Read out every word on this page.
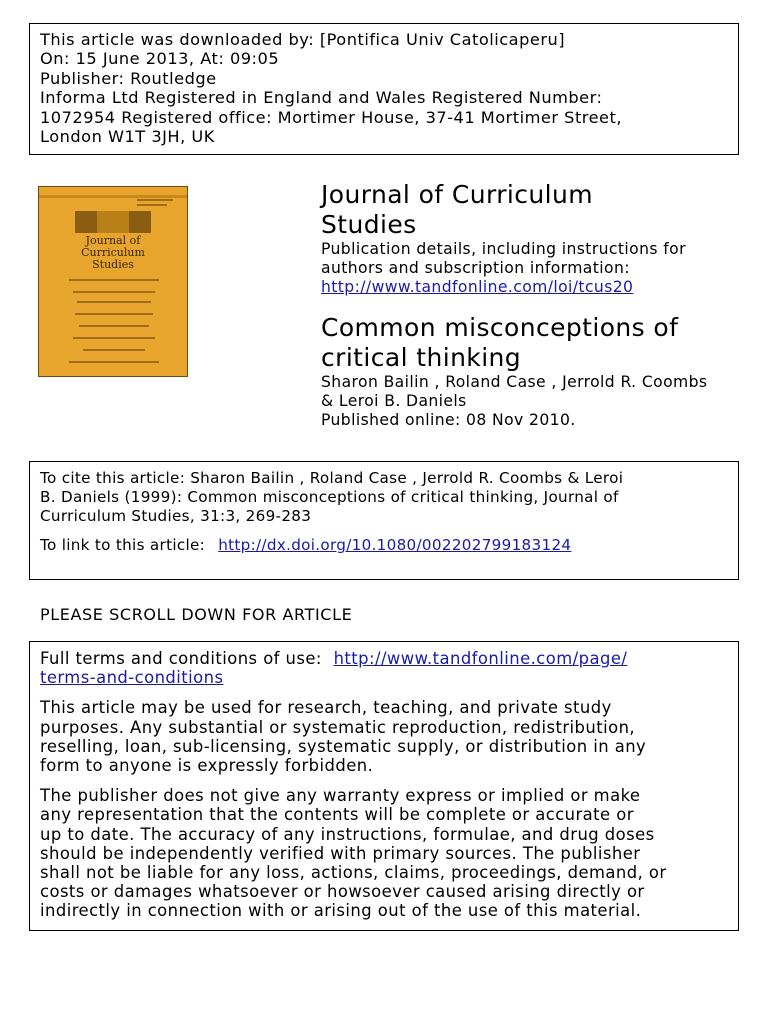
This article was downloaded by: [Pontifica Univ Catolicaperu]
On: 15 June 2013, At: 09:05
Publisher: Routledge
Informa Ltd Registered in England and Wales Registered Number:
1072954 Registered office: Mortimer House, 37-41 Mortimer Street,
London W1T 3JH, UK
Journal of
Curriculum
Studies
Journal of Curriculum
Studies
Publication details, including instructions for
authors and subscription information:
http://www.tandfonline.com/loi/tcus20
Common misconceptions of
critical thinking
Sharon Bailin , Roland Case , Jerrold R. Coombs
& Leroi B. Daniels
Published online: 08 Nov 2010.
To cite this article: Sharon Bailin , Roland Case , Jerrold R. Coombs & Leroi
B. Daniels (1999): Common misconceptions of critical thinking, Journal of
Curriculum Studies, 31:3, 269-283
To link to this article: http://dx.doi.org/10.1080/002202799183124
PLEASE SCROLL DOWN FOR ARTICLE
Full terms and conditions of use: http://www.tandfonline.com/page/
terms-and-conditions
This article may be used for research, teaching, and private study
purposes. Any substantial or systematic reproduction, redistribution,
reselling, loan, sub-licensing, systematic supply, or distribution in any
form to anyone is expressly forbidden.
The publisher does not give any warranty express or implied or make
any representation that the contents will be complete or accurate or
up to date. The accuracy of any instructions, formulae, and drug doses
should be independently verified with primary sources. The publisher
shall not be liable for any loss, actions, claims, proceedings, demand, or
costs or damages whatsoever or howsoever caused arising directly or
indirectly in connection with or arising out of the use of this material.
